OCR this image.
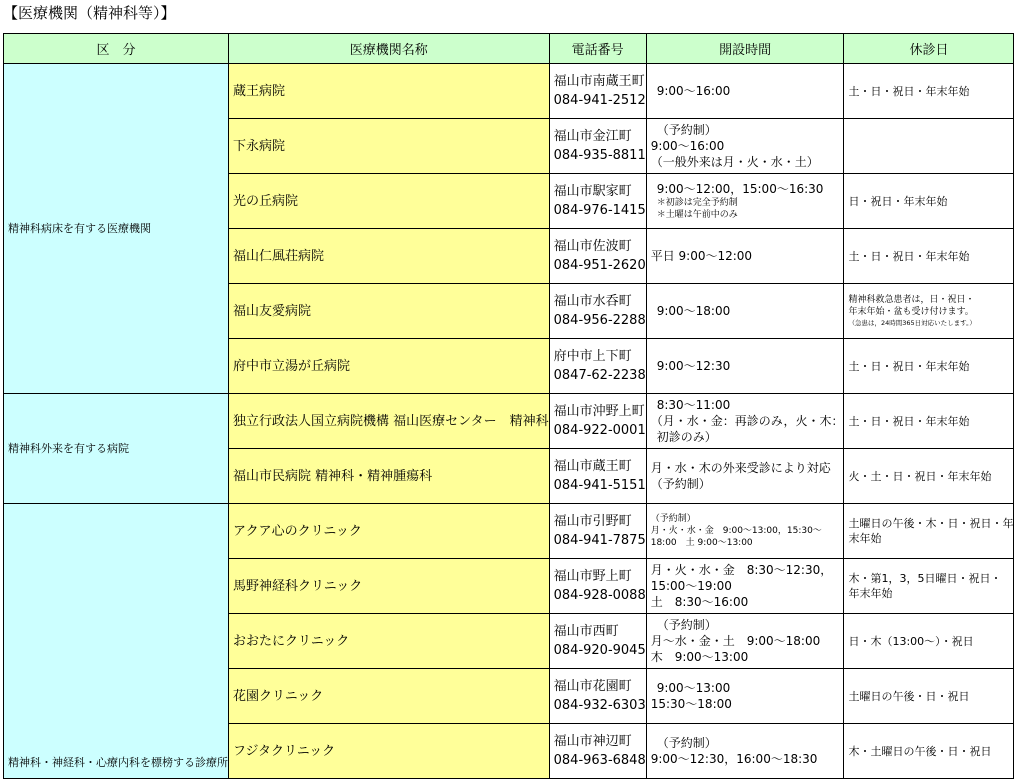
【医療機関（精神科等）】
区　分	医療機関名称	電話番号	開設時間	休診日
精神科病床を有する医療機関	蔵王病院	福山市南蔵王町
084-941-2512	9:00～16:00	土・日・祝日・年末年始

	下永病院	福山市金江町
084-935-8811	（予約制）
9:00～16:00
（一般外来は月・火・水・土）	

	光の丘病院	福山市駅家町
084-976-1415	9:00～12:00，15:00～16:30
＊初診は完全予約制
＊土曜は午前中のみ	日・祝日・年末年始

	福山仁風荘病院	福山市佐波町
084-951-2620	平日 9:00～12:00	土・日・祝日・年末年始

	福山友愛病院	福山市水呑町
084-956-2288	9:00～18:00	精神科救急患者は，日・祝日・
年末年始・盆も受け付けます。
（急患は，24時間365日対応いたします。）

	府中市立湯が丘病院	府中市上下町
0847-62-2238	9:00～12:30	土・日・祝日・年末年始

精神科外来を有する病院	独立行政法人国立病院機構 福山医療センター　精神科	福山市沖野上町
084-922-0001	8:30～11:00
（月・水・金：再診のみ，火・木：
初診のみ）	土・日・祝日・年末年始

	福山市民病院 精神科・精神腫瘍科	福山市蔵王町
084-941-5151	月・水・木の外来受診により対応
（予約制）	火・土・日・祝日・年末年始

精神科・神経科・心療内科を標榜する診療所	アクア心のクリニック	福山市引野町
084-941-7875	（予約制）
月・火・水・金　9:00～13:00，15:30～
18:00　土 9:00～13:00	土曜日の午後・木・日・祝日・年
末年始

	馬野神経科クリニック	福山市野上町
084-928-0088	月・火・水・金　8:30～12:30，
15:00～19:00
土　8:30～16:00	木・第1，3，5日曜日・祝日・
年末年始

	おおたにクリニック	福山市西町
084-920-9045	（予約制）
月～水・金・土　9:00～18:00
木　9:00～13:00	日・木（13:00～）・祝日

	花園クリニック	福山市花園町
084-932-6303	9:00～13:00
15:30～18:00	土曜日の午後・日・祝日

	フジタクリニック	福山市神辺町
084-963-6848	（予約制）
9:00～12:30，16:00～18:30	木・土曜日の午後・日・祝日
